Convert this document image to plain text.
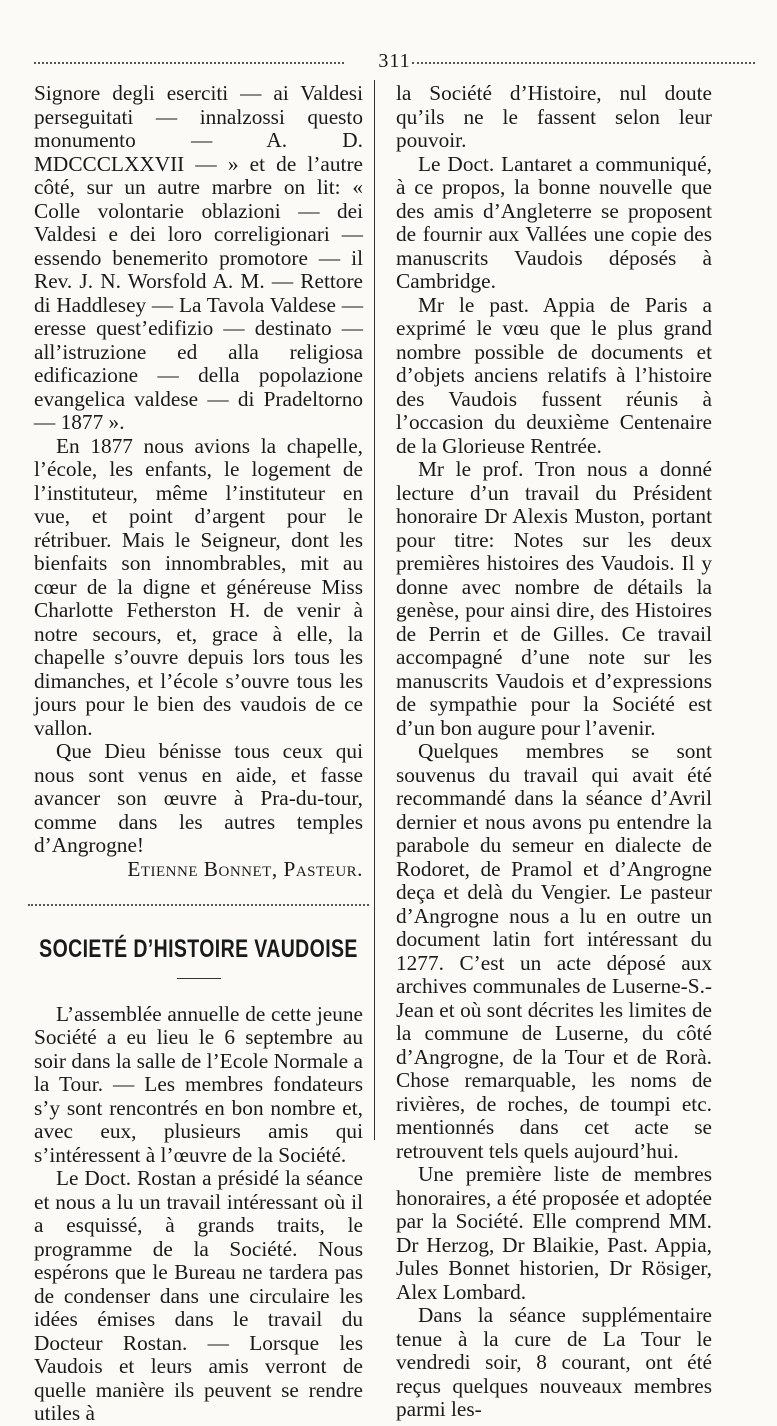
311

Signore degli eserciti — ai Valdesi perseguitati — innalzossi questo monumento — A. D. MDCCCLXXVII — » et de l’autre côté, sur un autre marbre on lit: « Colle volontarie oblazioni — dei Valdesi e dei loro correligionari — essendo benemerito promotore — il Rev. J. N. Worsfold A. M. — Rettore di Haddlesey — La Tavola Valdese — eresse quest’edifizio — destinato — all’istruzione ed alla religiosa edificazione — della popolazione evangelica valdese — di Pradeltorno — 1877 ».

En 1877 nous avions la chapelle, l’école, les enfants, le logement de l’instituteur, même l’instituteur en vue, et point d’argent pour le rétribuer. Mais le Seigneur, dont les bienfaits son innombrables, mit au cœur de la digne et généreuse Miss Charlotte Fetherston H. de venir à notre secours, et, grace à elle, la chapelle s’ouvre depuis lors tous les dimanches, et l’école s’ouvre tous les jours pour le bien des vaudois de ce vallon.

Que Dieu bénisse tous ceux qui nous sont venus en aide, et fasse avancer son œuvre à Pra-du-tour, comme dans les autres temples d’Angrogne!

Etienne Bonnet, Pasteur.

SOCIETÉ D’HISTOIRE VAUDOISE

L’assemblée annuelle de cette jeune Société a eu lieu le 6 septembre au soir dans la salle de l’Ecole Normale a la Tour. — Les membres fondateurs s’y sont rencontrés en bon nombre et, avec eux, plusieurs amis qui s’intéressent à l’œuvre de la Société.

Le Doct. Rostan a présidé la séance et nous a lu un travail intéressant où il a esquissé, à grands traits, le programme de la Société. Nous espérons que le Bureau ne tardera pas de condenser dans une circulaire les idées émises dans le travail du Docteur Rostan. — Lorsque les Vaudois et leurs amis verront de quelle manière ils peuvent se rendre utiles à

la Société d’Histoire, nul doute qu’ils ne le fassent selon leur pouvoir.

Le Doct. Lantaret a communiqué, à ce propos, la bonne nouvelle que des amis d’Angleterre se proposent de fournir aux Vallées une copie des manuscrits Vaudois déposés à Cambridge.

Mr le past. Appia de Paris a exprimé le vœu que le plus grand nombre possible de documents et d’objets anciens relatifs à l’histoire des Vaudois fussent réunis à l’occasion du deuxième Centenaire de la Glorieuse Rentrée.

Mr le prof. Tron nous a donné lecture d’un travail du Président honoraire Dr Alexis Muston, portant pour titre: Notes sur les deux premières histoires des Vaudois. Il y donne avec nombre de détails la genèse, pour ainsi dire, des Histoires de Perrin et de Gilles. Ce travail accompagné d’une note sur les manuscrits Vaudois et d’expressions de sympathie pour la Société est d’un bon augure pour l’avenir.

Quelques membres se sont souvenus du travail qui avait été recommandé dans la séance d’Avril dernier et nous avons pu entendre la parabole du semeur en dialecte de Rodoret, de Pramol et d’Angrogne deça et delà du Vengier. Le pasteur d’Angrogne nous a lu en outre un document latin fort intéressant du 1277. C’est un acte déposé aux archives communales de Luserne-S.-Jean et où sont décrites les limites de la commune de Luserne, du côté d’Angrogne, de la Tour et de Rorà. Chose remarquable, les noms de rivières, de roches, de toumpi etc. mentionnés dans cet acte se retrouvent tels quels aujourd’hui.

Une première liste de membres honoraires, a été proposée et adoptée par la Société. Elle comprend MM. Dr Herzog, Dr Blaikie, Past. Appia, Jules Bonnet historien, Dr Rösiger, Alex Lombard.

Dans la séance supplémentaire tenue à la cure de La Tour le vendredi soir, 8 courant, ont été reçus quelques nouveaux membres parmi les-
